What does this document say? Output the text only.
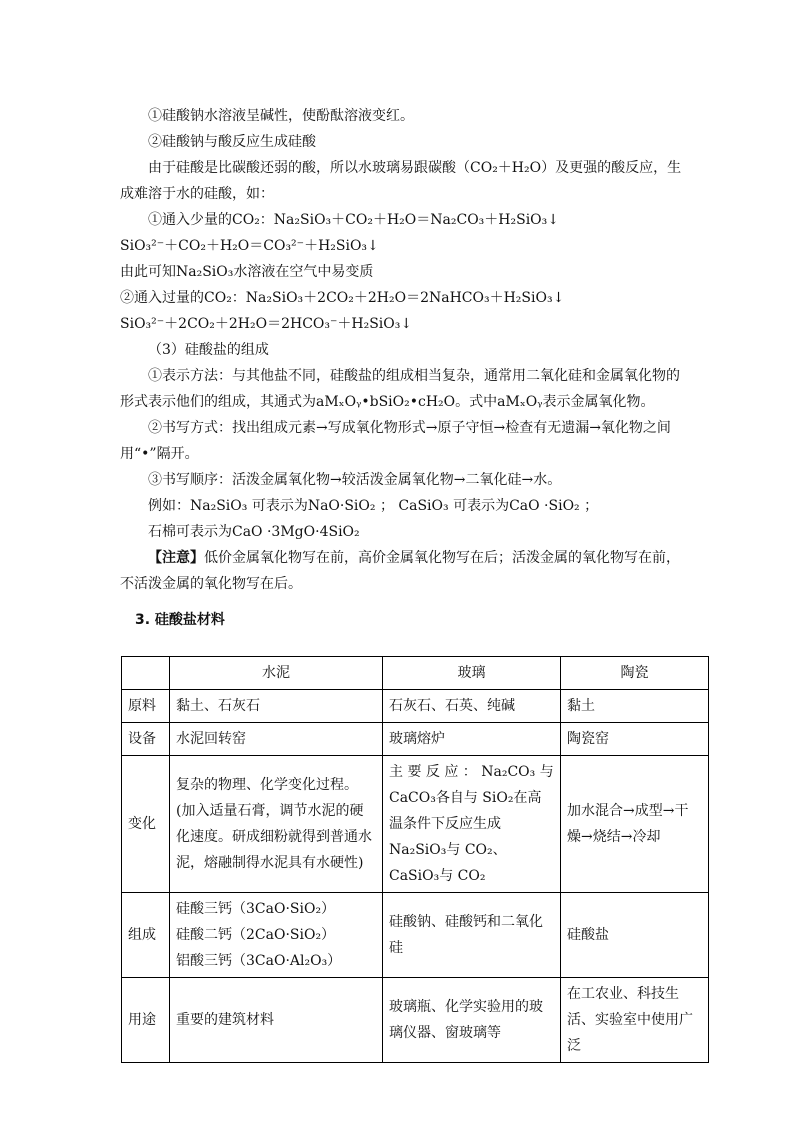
①硅酸钠水溶液呈碱性，使酚酞溶液变红。
②硅酸钠与酸反应生成硅酸
由于硅酸是比碳酸还弱的酸，所以水玻璃易跟碳酸（CO₂＋H₂O）及更强的酸反应，生
成难溶于水的硅酸，如：
①通入少量的CO₂：Na₂SiO₃＋CO₂＋H₂O＝Na₂CO₃＋H₂SiO₃↓
SiO₃²⁻＋CO₂＋H₂O＝CO₃²⁻＋H₂SiO₃↓
由此可知Na₂SiO₃水溶液在空气中易变质
②通入过量的CO₂：Na₂SiO₃＋2CO₂＋2H₂O＝2NaHCO₃＋H₂SiO₃↓
SiO₃²⁻＋2CO₂＋2H₂O＝2HCO₃⁻＋H₂SiO₃↓
（3）硅酸盐的组成
①表示方法：与其他盐不同，硅酸盐的组成相当复杂，通常用二氧化硅和金属氧化物的
形式表示他们的组成，其通式为aMₓOᵧ•bSiO₂•cH₂O。式中aMₓOᵧ表示金属氧化物。
②书写方式：找出组成元素→写成氧化物形式→原子守恒→检查有无遗漏→氧化物之间
用“•”隔开。
③书写顺序：活泼金属氧化物→较活泼金属氧化物→二氧化硅→水。
例如：Na₂SiO₃ 可表示为NaO·SiO₂ ； CaSiO₃ 可表示为CaO ·SiO₂ ；
石棉可表示为CaO ·3MgO·4SiO₂
【注意】低价金属氧化物写在前，高价金属氧化物写在后；活泼金属的氧化物写在前，
不活泼金属的氧化物写在后。
3. 硅酸盐材料
	水泥	玻璃	陶瓷
原料	黏土、石灰石	石灰石、石英、纯碱	黏土
设备	水泥回转窑	玻璃熔炉	陶瓷窑
变化	复杂的物理、化学变化过程。(加入适量石膏，调节水泥的硬化速度。研成细粉就得到普通水泥，熔融制得水泥具有水硬性)	主 要 反 应 ： Na₂CO₃ 与 CaCO₃各自与 SiO₂在高温条件下反应生成 Na₂SiO₃与 CO₂、CaSiO₃与 CO₂	加水混合→成型→干燥→烧结→冷却
组成	硅酸三钙（3CaO·SiO₂）
硅酸二钙（2CaO·SiO₂）
铝酸三钙（3CaO·Al₂O₃）	硅酸钠、硅酸钙和二氧化硅	硅酸盐
用途	重要的建筑材料	玻璃瓶、化学实验用的玻璃仪器、窗玻璃等	在工农业、科技生活、实验室中使用广泛
